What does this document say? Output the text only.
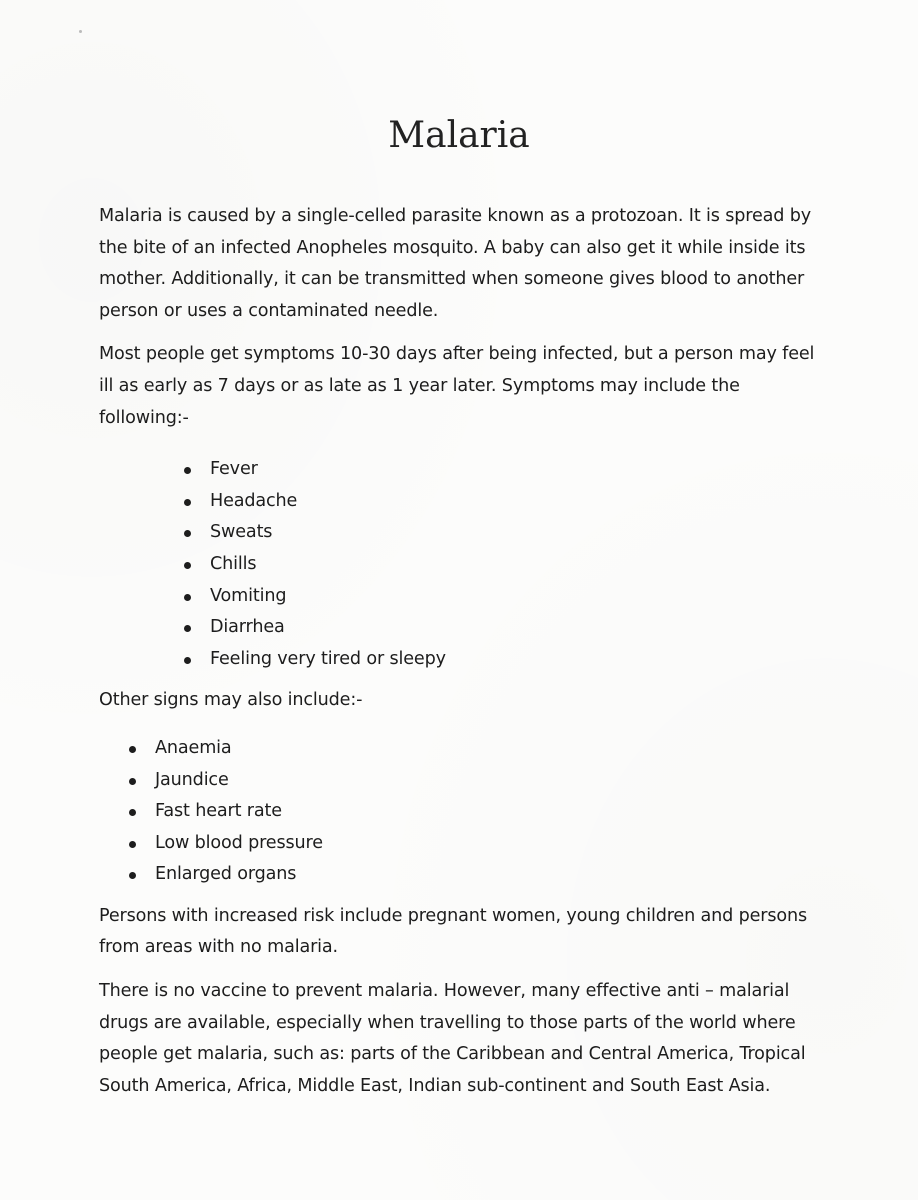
Malaria

Malaria is caused by a single-celled parasite known as a protozoan. It is spread by the bite of an infected Anopheles mosquito. A baby can also get it while inside its mother. Additionally, it can be transmitted when someone gives blood to another person or uses a contaminated needle.

Most people get symptoms 10-30 days after being infected, but a person may feel ill as early as 7 days or as late as 1 year later. Symptoms may include the following:-

Fever
Headache
Sweats
Chills
Vomiting
Diarrhea
Feeling very tired or sleepy

Other signs may also include:-

Anaemia
Jaundice
Fast heart rate
Low blood pressure
Enlarged organs

Persons with increased risk include pregnant women, young children and persons from areas with no malaria.

There is no vaccine to prevent malaria. However, many effective anti – malarial drugs are available, especially when travelling to those parts of the world where people get malaria, such as: parts of the Caribbean and Central America, Tropical South America, Africa, Middle East, Indian sub-continent and South East Asia.
